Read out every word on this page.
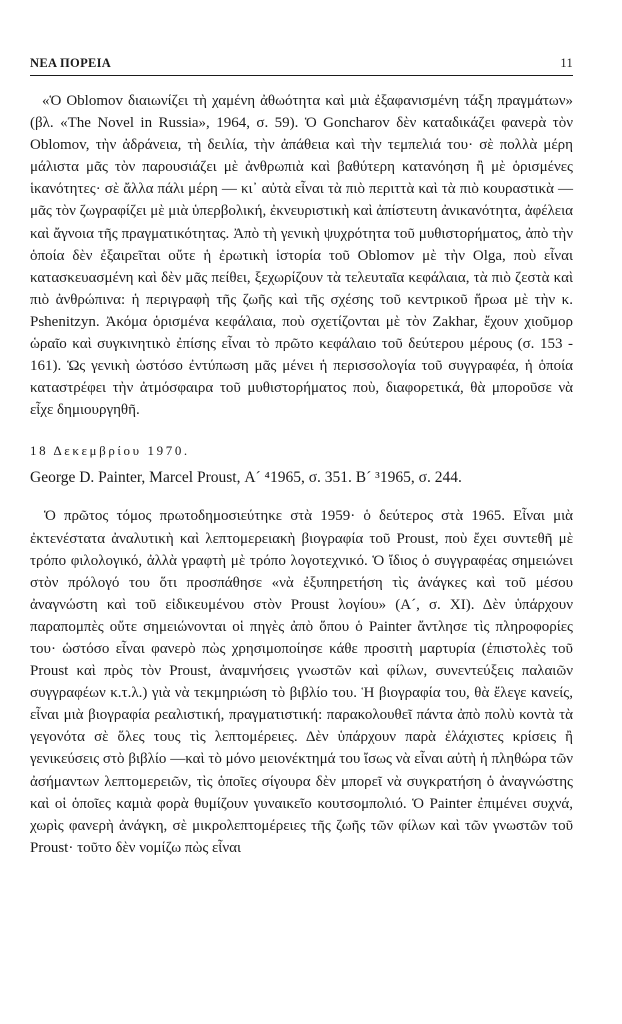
ΝΕΑ ΠΟΡΕΙΑ	11

«Ὁ Oblomov διαιωνίζει τὴ χαμένη ἀθωότητα καὶ μιὰ ἐξαφανισμένη τάξη πραγμάτων» (βλ. «The Novel in Russia», 1964, σ. 59). Ὁ Goncharov δὲν καταδικάζει φανερὰ τὸν Oblomov, τὴν ἀδράνεια, τὴ δειλία, τὴν ἀπάθεια καὶ τὴν τεμπελιά του· σὲ πολλὰ μέρη μάλιστα μᾶς τὸν παρουσιάζει μὲ ἀνθρωπιὰ καὶ βαθύτερη κατανόηση ἢ μὲ ὁρισμένες ἱκανότητες· σὲ ἄλλα πάλι μέρη — κι᾽ αὐτὰ εἶναι τὰ πιὸ περιττὰ καὶ τὰ πιὸ κουραστικὰ — μᾶς τὸν ζωγραφίζει μὲ μιὰ ὑπερβολική, ἐκνευριστικὴ καὶ ἀπίστευτη ἀνικανότητα, ἀφέλεια καὶ ἄγνοια τῆς πραγματικότητας. Ἀπὸ τὴ γενικὴ ψυχρότητα τοῦ μυθιστορήματος, ἀπὸ τὴν ὁποία δὲν ἐξαιρεῖται οὔτε ἡ ἐρωτικὴ ἱστορία τοῦ Oblomov μὲ τὴν Olga, ποὺ εἶναι κατασκευασμένη καὶ δὲν μᾶς πείθει, ξεχωρίζουν τὰ τελευταῖα κεφάλαια, τὰ πιὸ ζεστὰ καὶ πιὸ ἀνθρώπινα: ἡ περιγραφὴ τῆς ζωῆς καὶ τῆς σχέσης τοῦ κεντρικοῦ ἥρωα μὲ τὴν κ. Pshenitzyn. Ἀκόμα ὁρισμένα κεφάλαια, ποὺ σχετίζονται μὲ τὸν Zakhar, ἔχουν χιοῦμορ ὡραῖο καὶ συγκινητικὸ ἐπίσης εἶναι τὸ πρῶτο κεφάλαιο τοῦ δεύτερου μέρους (σ. 153 - 161). Ὡς γενικὴ ὡστόσο ἐντύπωση μᾶς μένει ἡ περισσολογία τοῦ συγγραφέα, ἡ ὁποία καταστρέφει τὴν ἀτμόσφαιρα τοῦ μυθιστορήματος ποὺ, διαφορετικά, θὰ μποροῦσε νὰ εἶχε δημιουργηθῆ.

18 Δεκεμβρίου 1970.
George D. Painter, Marcel Proust, Α´ ⁴1965, σ. 351. Β´ ³1965, σ. 244.

Ὁ πρῶτος τόμος πρωτοδημοσιεύτηκε στὰ 1959· ὁ δεύτερος στὰ 1965. Εἶναι μιὰ ἐκτενέστατα ἀναλυτικὴ καὶ λεπτομερειακὴ βιογραφία τοῦ Proust, ποὺ ἔχει συντεθῆ μὲ τρόπο φιλολογικό, ἀλλὰ γραφτὴ μὲ τρόπο λογοτεχνικό. Ὁ ἴδιος ὁ συγγραφέας σημειώνει στὸν πρόλογό του ὅτι προσπάθησε «νὰ ἐξυπηρετήση τὶς ἀνάγκες καὶ τοῦ μέσου ἀναγνώστη καὶ τοῦ εἰδικευμένου στὸν Proust λογίου» (Α´, σ. XI). Δὲν ὑπάρχουν παραπομπὲς οὔτε σημειώνονται οἱ πηγὲς ἀπὸ ὅπου ὁ Painter ἄντλησε τὶς πληροφορίες του· ὡστόσο εἶναι φανερὸ πὼς χρησιμοποίησε κάθε προσιτὴ μαρτυρία (ἐπιστολὲς τοῦ Proust καὶ πρὸς τὸν Proust, ἀναμνήσεις γνωστῶν καὶ φίλων, συνεντεύξεις παλαιῶν συγγραφέων κ.τ.λ.) γιὰ νὰ τεκμηριώση τὸ βιβλίο του. Ἡ βιογραφία του, θὰ ἔλεγε κανείς, εἶναι μιὰ βιογραφία ρεαλιστική, πραγματιστική: παρακολουθεῖ πάντα ἀπὸ πολὺ κοντὰ τὰ γεγονότα σὲ ὅλες τους τὶς λεπτομέρειες. Δὲν ὑπάρχουν παρὰ ἐλάχιστες κρίσεις ἢ γενικεύσεις στὸ βιβλίο —καὶ τὸ μόνο μειονέκτημά του ἴσως νὰ εἶναι αὐτὴ ἡ πληθώρα τῶν ἀσήμαντων λεπτομερειῶν, τὶς ὁποῖες σίγουρα δὲν μπορεῖ νὰ συγκρατήση ὁ ἀναγνώστης καὶ οἱ ὁποῖες καμιὰ φορὰ θυμίζουν γυναικεῖο κουτσομπολιό. Ὁ Painter ἐπιμένει συχνά, χωρὶς φανερὴ ἀνάγκη, σὲ μικρολεπτομέρειες τῆς ζωῆς τῶν φίλων καὶ τῶν γνωστῶν τοῦ Proust· τοῦτο δὲν νομίζω πὼς εἶναι
